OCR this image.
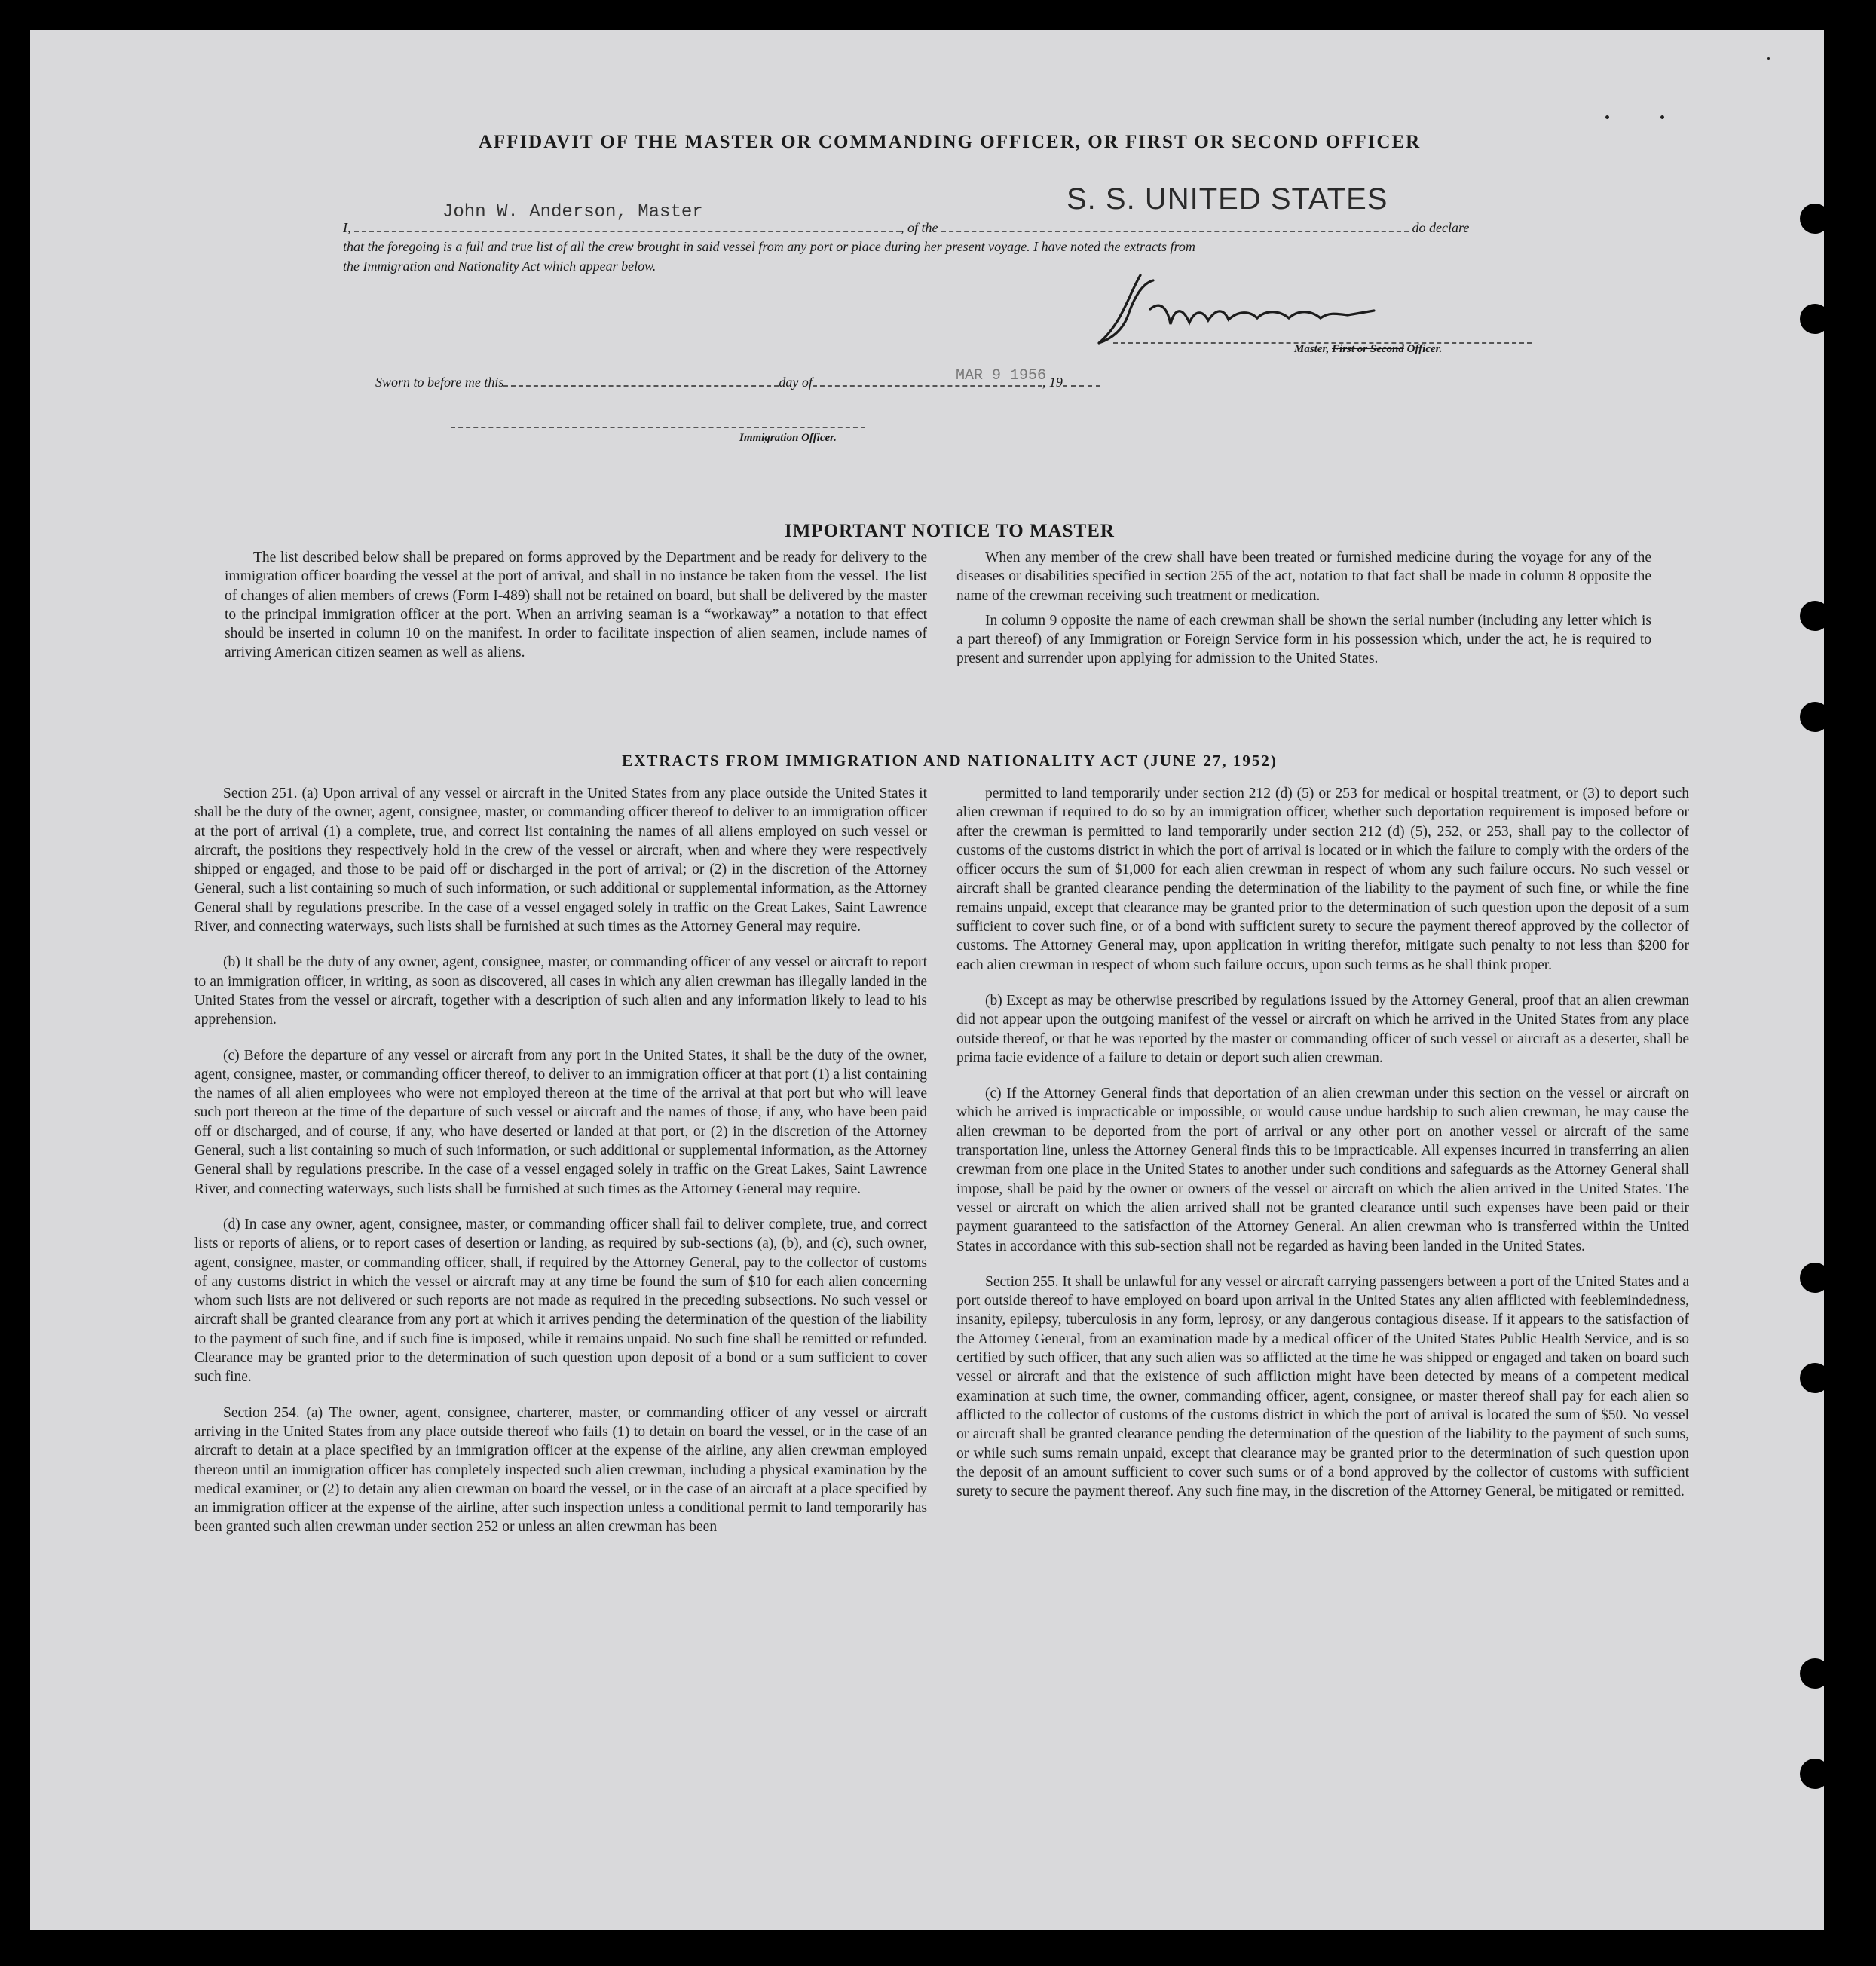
AFFIDAVIT OF THE MASTER OR COMMANDING OFFICER, OR FIRST OR SECOND OFFICER
I,	, of the	do declare
John W. Anderson, Master	S. S. UNITED STATES
that the foregoing is a full and true list of all the crew brought in said vessel from any port or place during her present voyage. I have noted the extracts from
the Immigration and Nationality Act which appear below.
Master, First or Second Officer.
Sworn to before me this	day of	, 19
MAR 9 1956
Immigration Officer.
IMPORTANT NOTICE TO MASTER

The list described below shall be prepared on forms approved by the Department and be ready for delivery to the immigration officer boarding the vessel at the port of arrival, and shall in no instance be taken from the vessel. The list of changes of alien members of crews (Form I-489) shall not be retained on board, but shall be delivered by the master to the principal immigration officer at the port. When an arriving seaman is a “workaway” a notation to that effect should be inserted in column 10 on the manifest. In order to facilitate inspection of alien seamen, include names of arriving American citizen seamen as well as aliens.

When any member of the crew shall have been treated or furnished medicine during the voyage for any of the diseases or disabilities specified in section 255 of the act, notation to that fact shall be made in column 8 opposite the name of the crewman receiving such treatment or medication.

In column 9 opposite the name of each crewman shall be shown the serial number (including any letter which is a part thereof) of any Immigration or Foreign Service form in his possession which, under the act, he is required to present and surrender upon applying for admission to the United States.

EXTRACTS FROM IMMIGRATION AND NATIONALITY ACT (JUNE 27, 1952)

Section 251. (a) Upon arrival of any vessel or aircraft in the United States from any place outside the United States it shall be the duty of the owner, agent, consignee, master, or commanding officer thereof to deliver to an immigration officer at the port of arrival (1) a complete, true, and correct list containing the names of all aliens employed on such vessel or aircraft, the positions they respectively hold in the crew of the vessel or aircraft, when and where they were respectively shipped or engaged, and those to be paid off or discharged in the port of arrival; or (2) in the discretion of the Attorney General, such a list containing so much of such information, or such additional or supplemental information, as the Attorney General shall by regulations prescribe. In the case of a vessel engaged solely in traffic on the Great Lakes, Saint Lawrence River, and connecting waterways, such lists shall be furnished at such times as the Attorney General may require.

(b) It shall be the duty of any owner, agent, consignee, master, or commanding officer of any vessel or aircraft to report to an immigration officer, in writing, as soon as discovered, all cases in which any alien crewman has illegally landed in the United States from the vessel or aircraft, together with a description of such alien and any information likely to lead to his apprehension.

(c) Before the departure of any vessel or aircraft from any port in the United States, it shall be the duty of the owner, agent, consignee, master, or commanding officer thereof, to deliver to an immigration officer at that port (1) a list containing the names of all alien employees who were not employed thereon at the time of the arrival at that port but who will leave such port thereon at the time of the departure of such vessel or aircraft and the names of those, if any, who have been paid off or discharged, and of course, if any, who have deserted or landed at that port, or (2) in the discretion of the Attorney General, such a list containing so much of such information, or such additional or supplemental information, as the Attorney General shall by regulations prescribe. In the case of a vessel engaged solely in traffic on the Great Lakes, Saint Lawrence River, and connecting waterways, such lists shall be furnished at such times as the Attorney General may require.

(d) In case any owner, agent, consignee, master, or commanding officer shall fail to deliver complete, true, and correct lists or reports of aliens, or to report cases of desertion or landing, as required by sub-sections (a), (b), and (c), such owner, agent, consignee, master, or commanding officer, shall, if required by the Attorney General, pay to the collector of customs of any customs district in which the vessel or aircraft may at any time be found the sum of $10 for each alien concerning whom such lists are not delivered or such reports are not made as required in the preceding subsections. No such vessel or aircraft shall be granted clearance from any port at which it arrives pending the determination of the question of the liability to the payment of such fine, and if such fine is imposed, while it remains unpaid. No such fine shall be remitted or refunded. Clearance may be granted prior to the determination of such question upon deposit of a bond or a sum sufficient to cover such fine.

Section 254. (a) The owner, agent, consignee, charterer, master, or commanding officer of any vessel or aircraft arriving in the United States from any place outside thereof who fails (1) to detain on board the vessel, or in the case of an aircraft to detain at a place specified by an immigration officer at the expense of the airline, any alien crewman employed thereon until an immigration officer has completely inspected such alien crewman, including a physical examination by the medical examiner, or (2) to detain any alien crewman on board the vessel, or in the case of an aircraft at a place specified by an immigration officer at the expense of the airline, after such inspection unless a conditional permit to land temporarily has been granted such alien crewman under section 252 or unless an alien crewman has been

permitted to land temporarily under section 212 (d) (5) or 253 for medical or hospital treatment, or (3) to deport such alien crewman if required to do so by an immigration officer, whether such deportation requirement is imposed before or after the crewman is permitted to land temporarily under section 212 (d) (5), 252, or 253, shall pay to the collector of customs of the customs district in which the port of arrival is located or in which the failure to comply with the orders of the officer occurs the sum of $1,000 for each alien crewman in respect of whom any such failure occurs. No such vessel or aircraft shall be granted clearance pending the determination of the liability to the payment of such fine, or while the fine remains unpaid, except that clearance may be granted prior to the determination of such question upon the deposit of a sum sufficient to cover such fine, or of a bond with sufficient surety to secure the payment thereof approved by the collector of customs. The Attorney General may, upon application in writing therefor, mitigate such penalty to not less than $200 for each alien crewman in respect of whom such failure occurs, upon such terms as he shall think proper.

(b) Except as may be otherwise prescribed by regulations issued by the Attorney General, proof that an alien crewman did not appear upon the outgoing manifest of the vessel or aircraft on which he arrived in the United States from any place outside thereof, or that he was reported by the master or commanding officer of such vessel or aircraft as a deserter, shall be prima facie evidence of a failure to detain or deport such alien crewman.

(c) If the Attorney General finds that deportation of an alien crewman under this section on the vessel or aircraft on which he arrived is impracticable or impossible, or would cause undue hardship to such alien crewman, he may cause the alien crewman to be deported from the port of arrival or any other port on another vessel or aircraft of the same transportation line, unless the Attorney General finds this to be impracticable. All expenses incurred in transferring an alien crewman from one place in the United States to another under such conditions and safeguards as the Attorney General shall impose, shall be paid by the owner or owners of the vessel or aircraft on which the alien arrived in the United States. The vessel or aircraft on which the alien arrived shall not be granted clearance until such expenses have been paid or their payment guaranteed to the satisfaction of the Attorney General. An alien crewman who is transferred within the United States in accordance with this sub-section shall not be regarded as having been landed in the United States.

Section 255. It shall be unlawful for any vessel or aircraft carrying passengers between a port of the United States and a port outside thereof to have employed on board upon arrival in the United States any alien afflicted with feeblemindedness, insanity, epilepsy, tuberculosis in any form, leprosy, or any dangerous contagious disease. If it appears to the satisfaction of the Attorney General, from an examination made by a medical officer of the United States Public Health Service, and is so certified by such officer, that any such alien was so afflicted at the time he was shipped or engaged and taken on board such vessel or aircraft and that the existence of such affliction might have been detected by means of a competent medical examination at such time, the owner, commanding officer, agent, consignee, or master thereof shall pay for each alien so afflicted to the collector of customs of the customs district in which the port of arrival is located the sum of $50. No vessel or aircraft shall be granted clearance pending the determination of the question of the liability to the payment of such sums, or while such sums remain unpaid, except that clearance may be granted prior to the determination of such question upon the deposit of an amount sufficient to cover such sums or of a bond approved by the collector of customs with sufficient surety to secure the payment thereof. Any such fine may, in the discretion of the Attorney General, be mitigated or remitted.
